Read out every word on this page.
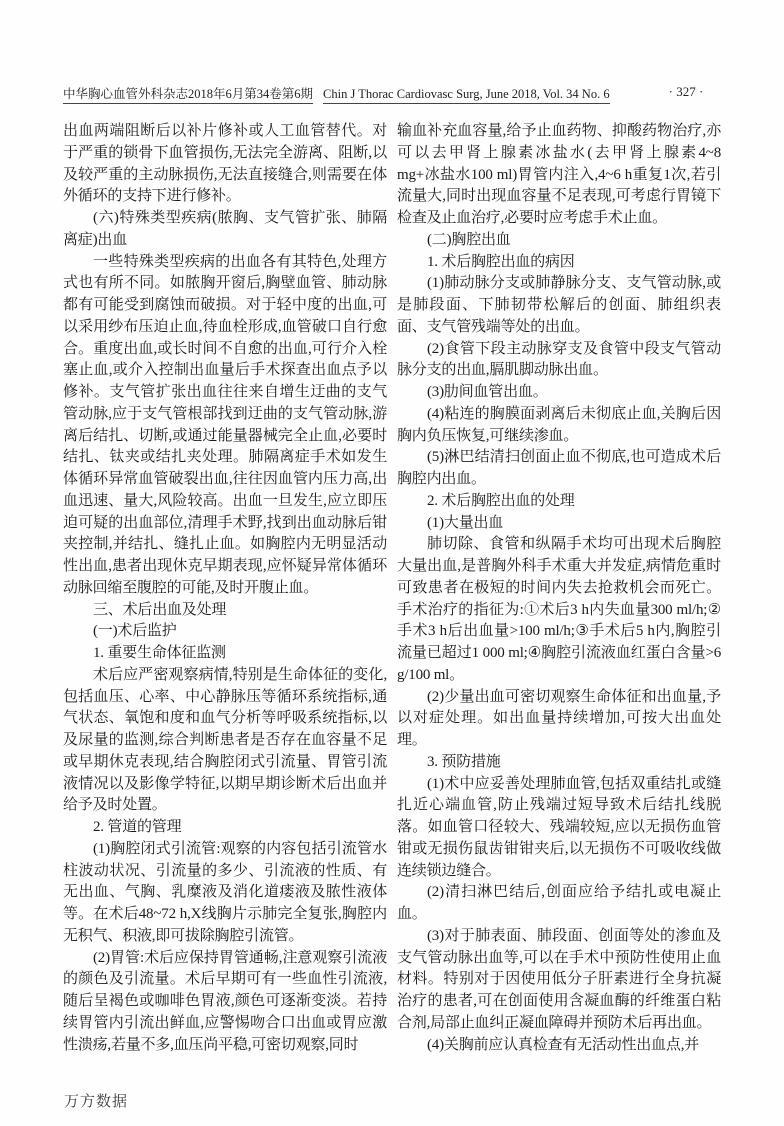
中华胸心血管外科杂志2018年6月第34卷第6期 Chin J Thorac Cardiovasc Surg, June 2018, Vol. 34 No. 6	· 327 ·

出血两端阻断后以补片修补或人工血管替代。对于严重的锁骨下血管损伤,无法完全游离、阻断,以及较严重的主动脉损伤,无法直接缝合,则需要在体外循环的支持下进行修补。

(六)特殊类型疾病(脓胸、支气管扩张、肺隔离症)出血

一些特殊类型疾病的出血各有其特色,处理方式也有所不同。如脓胸开窗后,胸壁血管、肺动脉都有可能受到腐蚀而破损。对于轻中度的出血,可以采用纱布压迫止血,待血栓形成,血管破口自行愈合。重度出血,或长时间不自愈的出血,可行介入栓塞止血,或介入控制出血量后手术探查出血点予以修补。支气管扩张出血往往来自增生迂曲的支气管动脉,应于支气管根部找到迂曲的支气管动脉,游离后结扎、切断,或通过能量器械完全止血,必要时结扎、钛夹或结扎夹处理。肺隔离症手术如发生体循环异常血管破裂出血,往往因血管内压力高,出血迅速、量大,风险较高。出血一旦发生,应立即压迫可疑的出血部位,清理手术野,找到出血动脉后钳夹控制,并结扎、缝扎止血。如胸腔内无明显活动性出血,患者出现休克早期表现,应怀疑异常体循环动脉回缩至腹腔的可能,及时开腹止血。

三、术后出血及处理

(一)术后监护

1. 重要生命体征监测

术后应严密观察病情,特别是生命体征的变化,包括血压、心率、中心静脉压等循环系统指标,通气状态、氧饱和度和血气分析等呼吸系统指标,以及尿量的监测,综合判断患者是否存在血容量不足或早期休克表现,结合胸腔闭式引流量、胃管引流液情况以及影像学特征,以期早期诊断术后出血并给予及时处置。

2. 管道的管理

(1)胸腔闭式引流管:观察的内容包括引流管水柱波动状况、引流量的多少、引流液的性质、有无出血、气胸、乳糜液及消化道瘘液及脓性液体等。在术后48~72 h,X线胸片示肺完全复张,胸腔内无积气、积液,即可拔除胸腔引流管。

(2)胃管:术后应保持胃管通畅,注意观察引流液的颜色及引流量。术后早期可有一些血性引流液,随后呈褐色或咖啡色胃液,颜色可逐渐变淡。若持续胃管内引流出鲜血,应警惕吻合口出血或胃应激性溃疡,若量不多,血压尚平稳,可密切观察,同时

输血补充血容量,给予止血药物、抑酸药物治疗,亦可以去甲肾上腺素冰盐水(去甲肾上腺素4~8 mg+冰盐水100 ml)胃管内注入,4~6 h重复1次,若引流量大,同时出现血容量不足表现,可考虑行胃镜下检查及止血治疗,必要时应考虑手术止血。

(二)胸腔出血

1. 术后胸腔出血的病因

(1)肺动脉分支或肺静脉分支、支气管动脉,或是肺段面、下肺韧带松解后的创面、肺组织表面、支气管残端等处的出血。

(2)食管下段主动脉穿支及食管中段支气管动脉分支的出血,膈肌脚动脉出血。

(3)肋间血管出血。

(4)粘连的胸膜面剥离后未彻底止血,关胸后因胸内负压恢复,可继续渗血。

(5)淋巴结清扫创面止血不彻底,也可造成术后胸腔内出血。

2. 术后胸腔出血的处理

(1)大量出血

肺切除、食管和纵隔手术均可出现术后胸腔大量出血,是普胸外科手术重大并发症,病情危重时可致患者在极短的时间内失去抢救机会而死亡。手术治疗的指征为:①术后3 h内失血量300 ml/h;②手术3 h后出血量>100 ml/h;③手术后5 h内,胸腔引流量已超过1 000 ml;④胸腔引流液血红蛋白含量>6 g/100 ml。

(2)少量出血可密切观察生命体征和出血量,予以对症处理。如出血量持续增加,可按大出血处理。

3. 预防措施

(1)术中应妥善处理肺血管,包括双重结扎或缝扎近心端血管,防止残端过短导致术后结扎线脱落。如血管口径较大、残端较短,应以无损伤血管钳或无损伤鼠齿钳钳夹后,以无损伤不可吸收线做连续锁边缝合。

(2)清扫淋巴结后,创面应给予结扎或电凝止血。

(3)对于肺表面、肺段面、创面等处的渗血及支气管动脉出血等,可以在手术中预防性使用止血材料。特别对于因使用低分子肝素进行全身抗凝治疗的患者,可在创面使用含凝血酶的纤维蛋白粘合剂,局部止血纠正凝血障碍并预防术后再出血。

(4)关胸前应认真检查有无活动性出血点,并

万方数据
